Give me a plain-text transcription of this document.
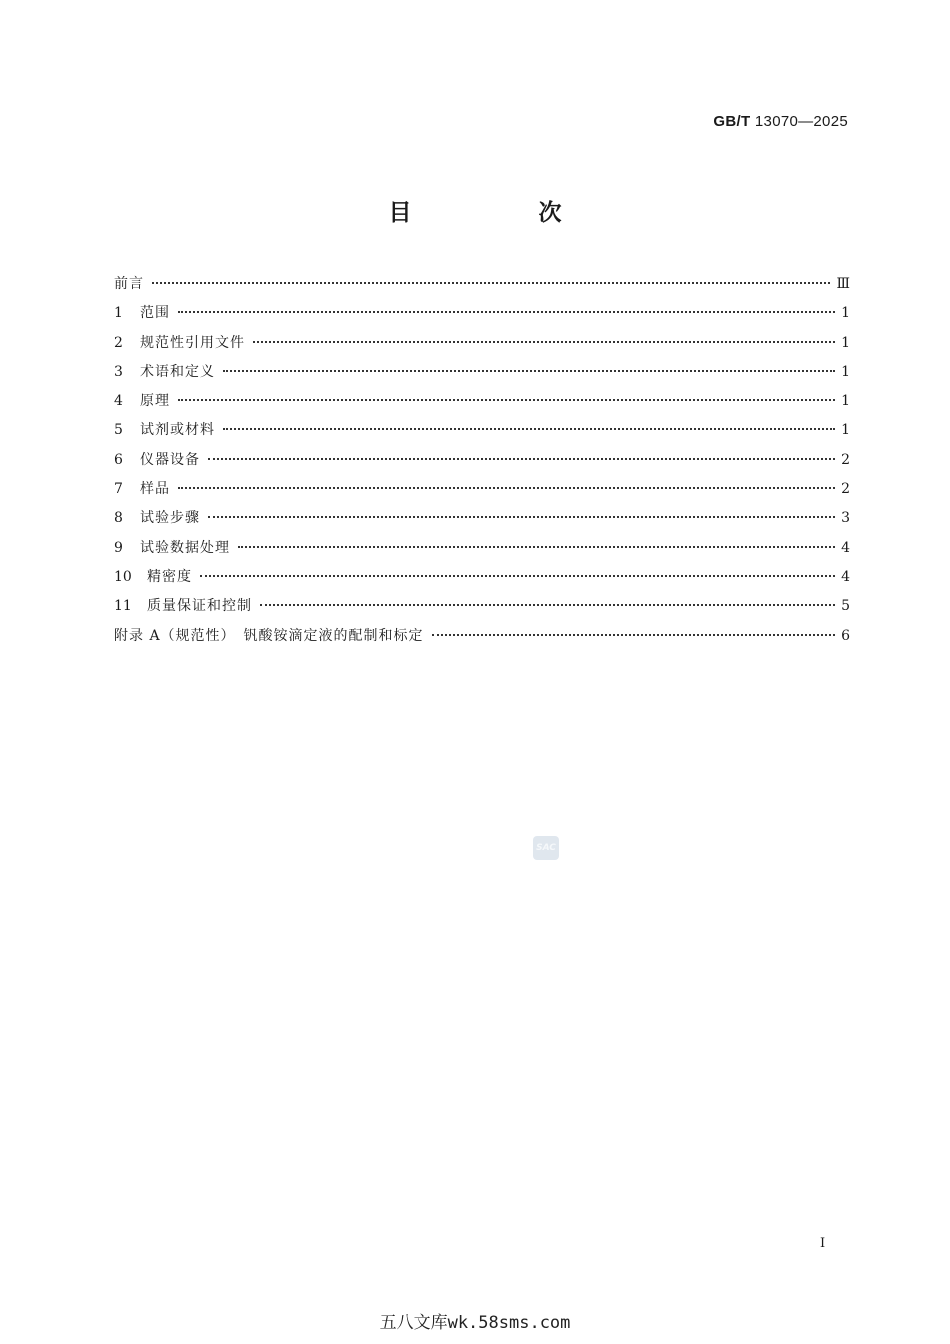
GB/T 13070—2025
目　次
前言	Ⅲ
1	范围	1
2	规范性引用文件	1
3	术语和定义	1
4	原理	1
5	试剂或材料	1
6	仪器设备	2
7	样品	2
8	试验步骤	3
9	试验数据处理	4
10	精密度	4
11	质量保证和控制	5
附录 A（规范性）　钒酸铵滴定液的配制和标定	6
SAC
I
五八文库wk.58sms.com
